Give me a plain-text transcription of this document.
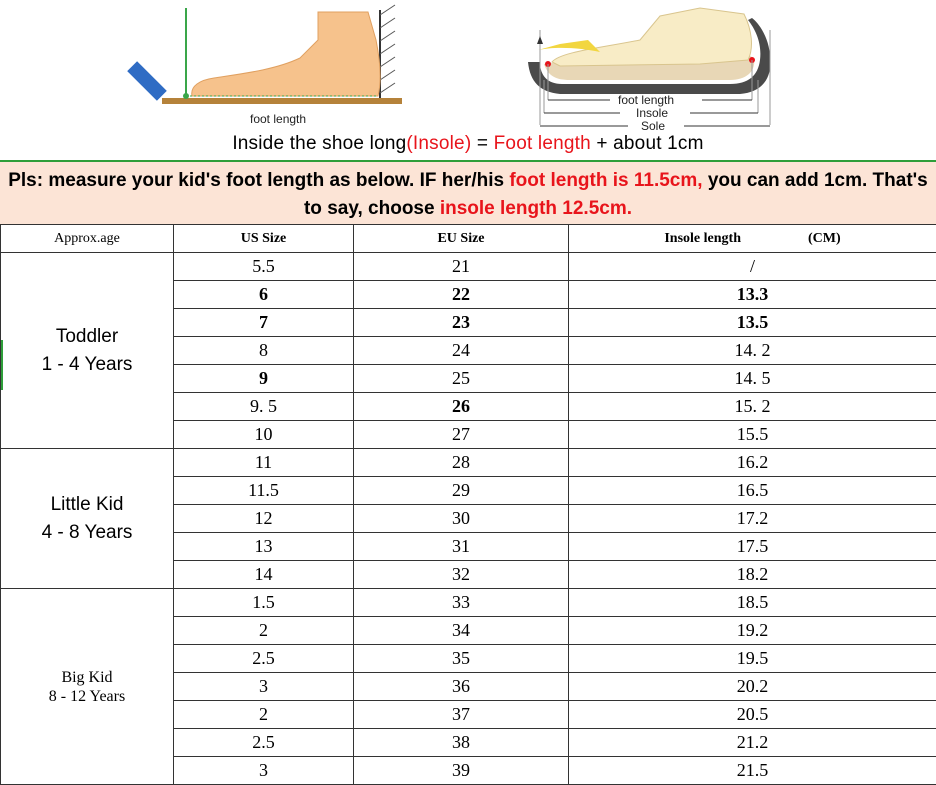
foot length
foot length
Insole
Sole
Inside the shoe long(Insole) = Foot length + about 1cm
Pls: measure your kid's foot length as below. IF her/his foot length is 11.5cm, you can add 1cm. That's to say, choose insole length 12.5cm.
Approx.age	US Size	EU Size	Insole length (CM)
Toddler
1 - 4 Years	5.5	21	/
	6	22	13.3
	7	23	13.5
	8	24	14. 2
	9	25	14. 5
	9. 5	26	15. 2
	10	27	15.5
Little Kid
4 - 8 Years	11	28	16.2
	11.5	29	16.5
	12	30	17.2
	13	31	17.5
	14	32	18.2
Big Kid
8 - 12 Years	1.5	33	18.5
	2	34	19.2
	2.5	35	19.5
	3	36	20.2
	2	37	20.5
	2.5	38	21.2
	3	39	21.5
